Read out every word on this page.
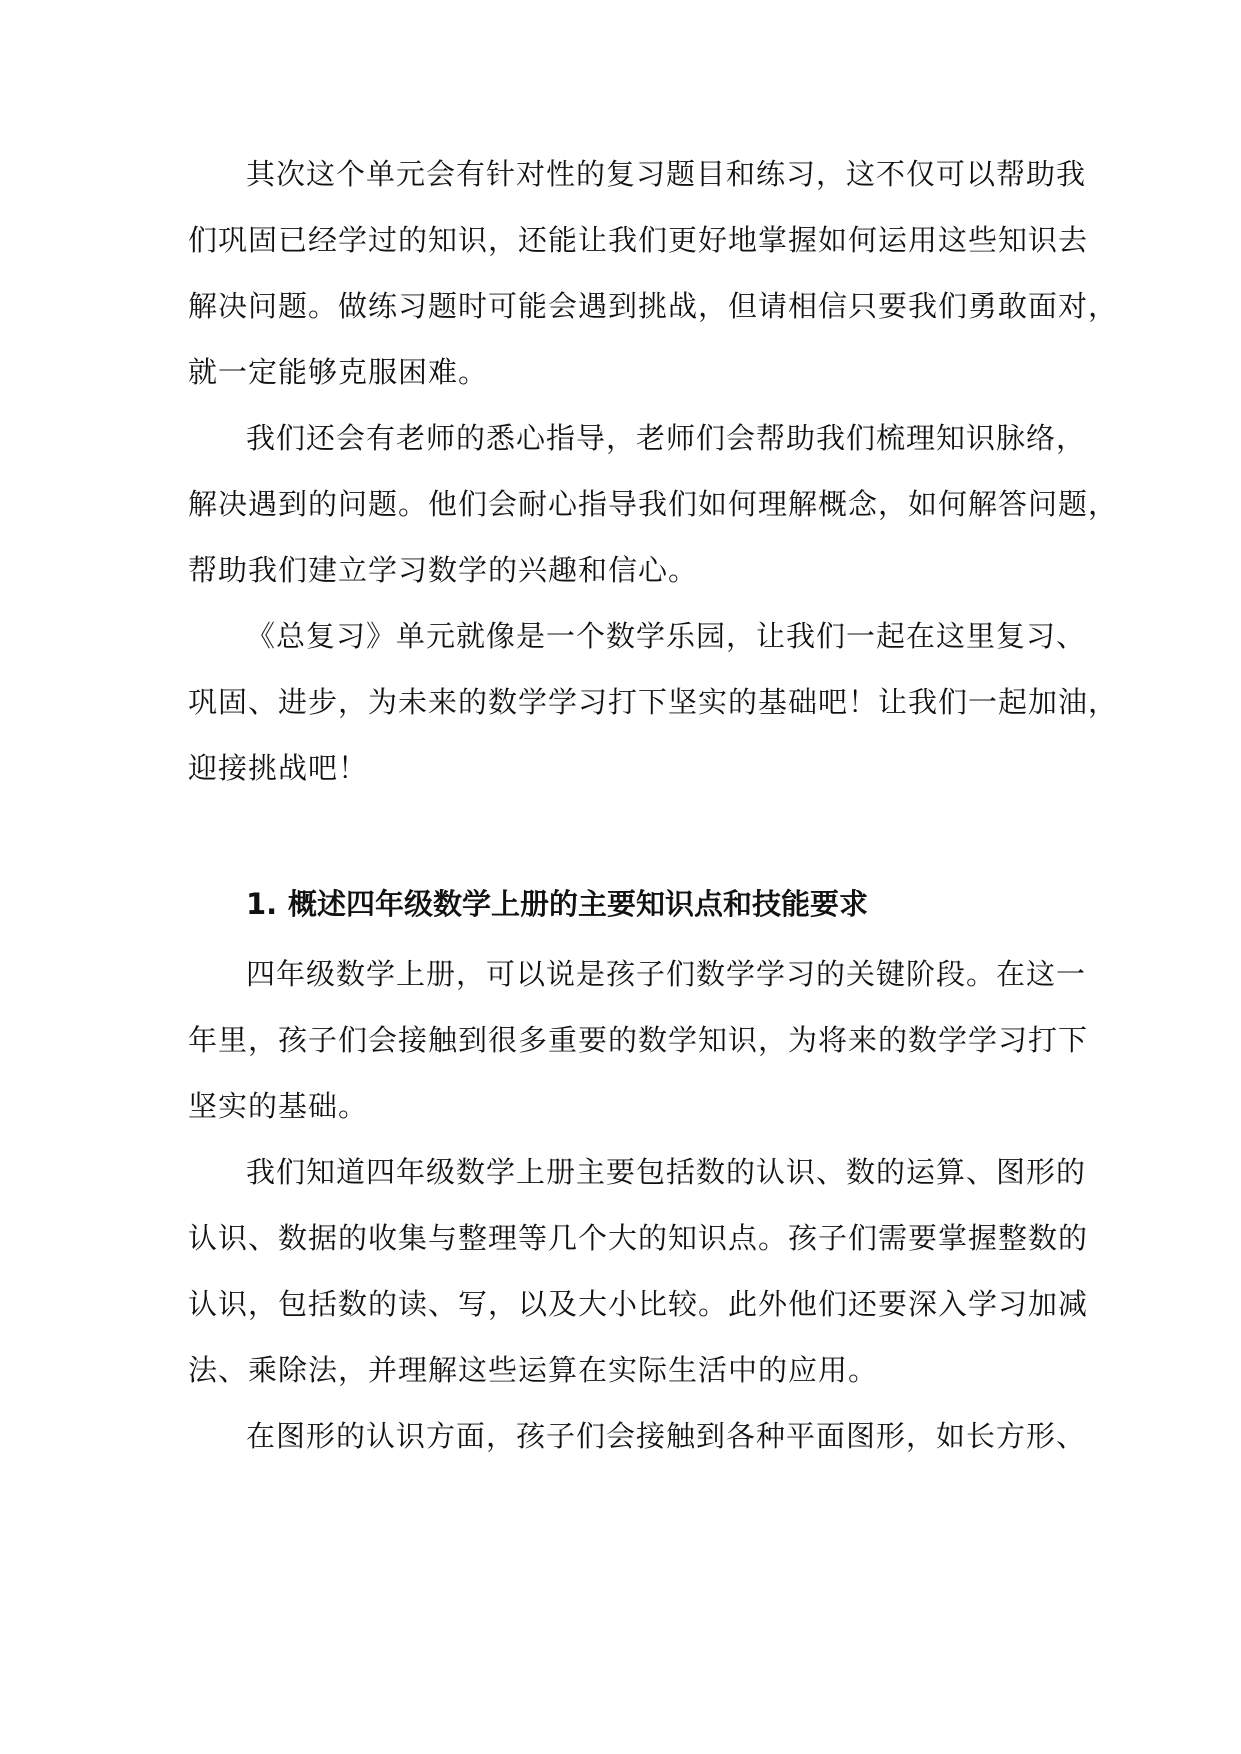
其次这个单元会有针对性的复习题目和练习，这不仅可以帮助我
们巩固已经学过的知识，还能让我们更好地掌握如何运用这些知识去
解决问题。做练习题时可能会遇到挑战，但请相信只要我们勇敢面对，
就一定能够克服困难。
我们还会有老师的悉心指导，老师们会帮助我们梳理知识脉络，
解决遇到的问题。他们会耐心指导我们如何理解概念，如何解答问题，
帮助我们建立学习数学的兴趣和信心。
《总复习》单元就像是一个数学乐园，让我们一起在这里复习、
巩固、进步，为未来的数学学习打下坚实的基础吧！让我们一起加油，
迎接挑战吧！
1. 概述四年级数学上册的主要知识点和技能要求
四年级数学上册，可以说是孩子们数学学习的关键阶段。在这一
年里，孩子们会接触到很多重要的数学知识，为将来的数学学习打下
坚实的基础。
我们知道四年级数学上册主要包括数的认识、数的运算、图形的
认识、数据的收集与整理等几个大的知识点。孩子们需要掌握整数的
认识，包括数的读、写，以及大小比较。此外他们还要深入学习加减
法、乘除法，并理解这些运算在实际生活中的应用。
在图形的认识方面，孩子们会接触到各种平面图形，如长方形、
